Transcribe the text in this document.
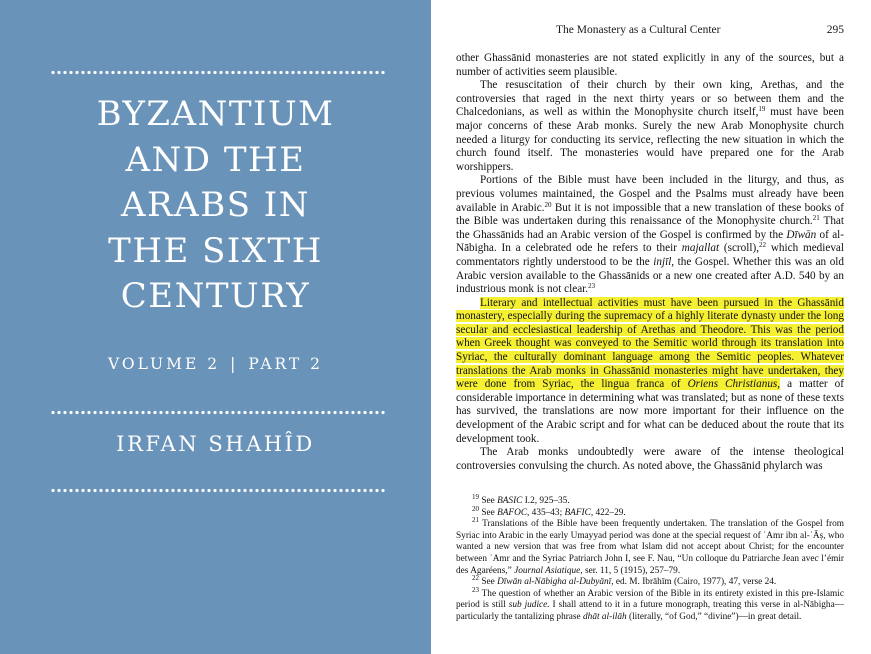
BYZANTIUM
AND THE
ARABS IN
THE SIXTH
CENTURY
VOLUME 2 | PART 2
IRFAN SHAHÎD
The Monastery as a Cultural Center	295

other Ghassānid monasteries are not stated explicitly in any of the sources, but a number of activities seem plausible.

The resuscitation of their church by their own king, Arethas, and the controversies that raged in the next thirty years or so between them and the Chalcedonians, as well as within the Monophysite church itself,$^{19}$ must have been major concerns of these Arab monks. Surely the new Arab Monophysite church needed a liturgy for conducting its service, reflecting the new situation in which the church found itself. The monasteries would have prepared one for the Arab worshippers.

Portions of the Bible must have been included in the liturgy, and thus, as previous volumes maintained, the Gospel and the Psalms must already have been available in Arabic.$^{20}$ But it is not impossible that a new translation of these books of the Bible was undertaken during this renaissance of the Monophysite church.$^{21}$ That the Ghassānids had an Arabic version of the Gospel is confirmed by the Dīwān of al-Nābigha. In a celebrated ode he refers to their majallat (scroll),$^{22}$ which medieval commentators rightly understood to be the injīl, the Gospel. Whether this was an old Arabic version available to the Ghassānids or a new one created after A.D. 540 by an industrious monk is not clear.$^{23}$

Literary and intellectual activities must have been pursued in the Ghassānid monastery, especially during the supremacy of a highly literate dynasty under the long secular and ecclesiastical leadership of Arethas and Theodore. This was the period when Greek thought was conveyed to the Semitic world through its translation into Syriac, the culturally dominant language among the Semitic peoples. Whatever translations the Arab monks in Ghassānid monasteries might have undertaken, they were done from Syriac, the lingua franca of Oriens Christianus, a matter of considerable importance in determining what was translated; but as none of these texts has survived, the translations are now more important for their influence on the development of the Arabic script and for what can be deduced about the route that its development took.

The Arab monks undoubtedly were aware of the intense theological controversies convulsing the church. As noted above, the Ghassānid phylarch was

$^{19}$ See BASIC I.2, 925–35.

$^{20}$ See BAFOC, 435–43; BAFIC, 422–29.

$^{21}$ Translations of the Bible have been frequently undertaken. The translation of the Gospel from Syriac into Arabic in the early Umayyad period was done at the special request of ʿAmr ibn al-ʿĀṣ, who wanted a new version that was free from what Islam did not accept about Christ; for the encounter between ʿAmr and the Syriac Patriarch John I, see F. Nau, “Un colloque du Patriarche Jean avec l’émir des Agaréens,” Journal Asiatique, ser. 11, 5 (1915), 257–79.

$^{22}$ See Dīwān al-Nābigha al-Dubyānī, ed. M. Ibrāhīm (Cairo, 1977), 47, verse 24.

$^{23}$ The question of whether an Arabic version of the Bible in its entirety existed in this pre-Islamic period is still sub judice. I shall attend to it in a future monograph, treating this verse in al-Nābigha—particularly the tantalizing phrase dhāt al-ilāh (literally, “of God,” “divine”)—in great detail.
